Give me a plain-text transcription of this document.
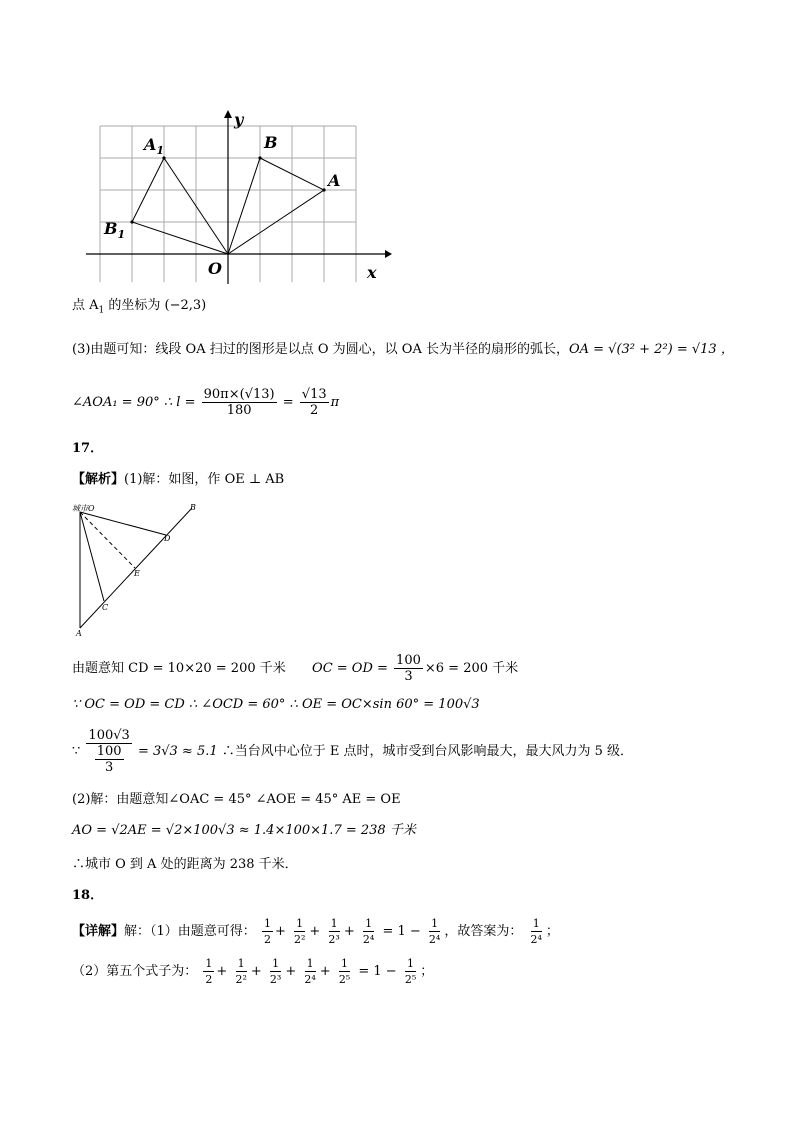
$A_1$	B
A
$B_1$
y
O	x
点 $A_1$ 的坐标为 (−2,3)
(3)由题可知：线段 OA 扫过的图形是以点 O 为圆心，以 OA 长为半径的扇形的弧长，OA = √(3² + 2²) = √13 ，
∠AOA₁ = 90° ∴ $l = \frac{90\pi\times(√13)}{180} = \frac{√13}{2}$ π
17．
【解析】(1)解：如图，作 OE ⊥ AB
城市O	B
D
E
C
A
由题意知 CD = 10×20 = 200 千米 OC = OD = $\frac{100}{3} \times 6 = 200$ 千米
∵ OC = OD = CD ∴ ∠OCD = 60° ∴ OE = OC×sin 60° = 100√3
∵ $\frac{100√3}{\frac{100}{3}} = 3√3 \approx 5.1$ ∴当台风中心位于 E 点时，城市受到台风影响最大，最大风力为 5 级．
(2)解：由题意知∠OAC = 45° ∠AOE = 45° AE = OE
AO = √2AE = √2×100√3 ≈ 1.4×100×1.7 = 238 千米
∴城市 O 到 A 处的距离为 238 千米．
18．
【详解】解：（1）由题意可得： $\frac{1}{2} + \frac{1}{\text{2²}} + \frac{1}{\text{2³}} + \frac{1}{\text{2⁴}} = 1 - \frac{1}{\text{2⁴}}$ ，故答案为： $\frac{1}{\text{2⁴}}$ ；
（2）第五个式子为： $\frac{1}{2} + \frac{1}{\text{2²}} + \frac{1}{\text{2³}} + \frac{1}{\text{2⁴}} + \frac{1}{\text{2⁵}} = 1 - \frac{1}{\text{2⁵}}$ ；
